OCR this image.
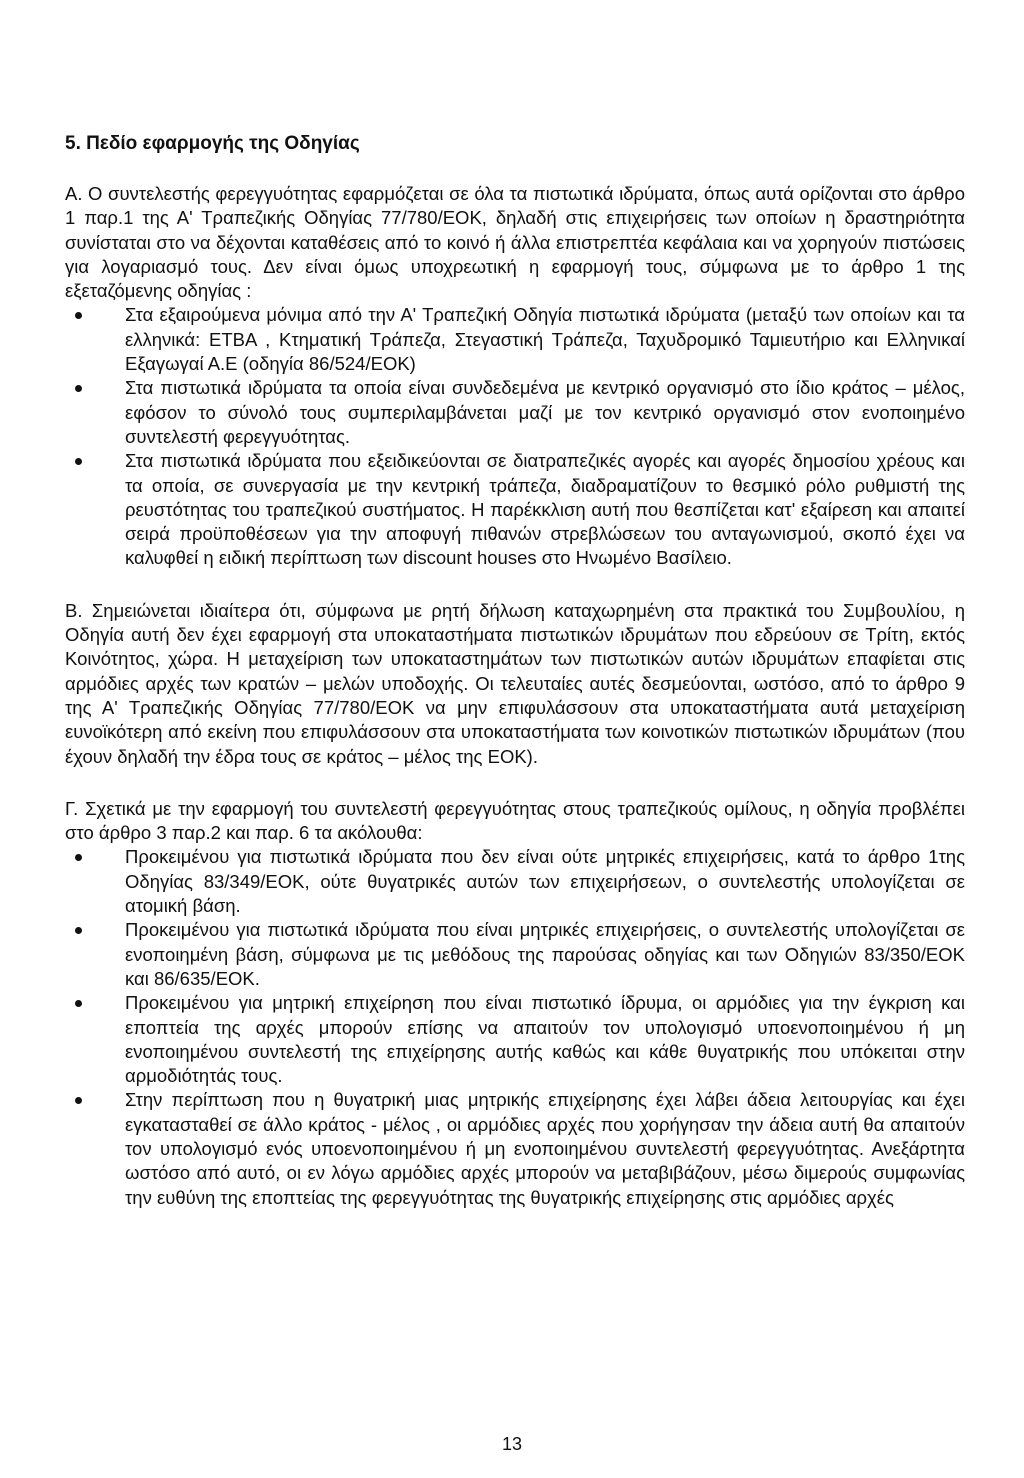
5. Πεδίο εφαρμογής της Οδηγίας

Α. Ο συντελεστής φερεγγυότητας εφαρμόζεται σε όλα τα πιστωτικά ιδρύματα, όπως αυτά ορίζονται στο άρθρο 1 παρ.1 της Α' Τραπεζικής Οδηγίας 77/780/ΕΟΚ, δηλαδή στις επιχειρήσεις των οποίων η δραστηριότητα συνίσταται στο να δέχονται καταθέσεις από το κοινό ή άλλα επιστρεπτέα κεφάλαια και να χορηγούν πιστώσεις για λογαριασμό τους. Δεν είναι όμως υποχρεωτική η εφαρμογή τους, σύμφωνα με το άρθρο 1 της εξεταζόμενης οδηγίας :

Στα εξαιρούμενα μόνιμα από την Α' Τραπεζική Οδηγία πιστωτικά ιδρύματα (μεταξύ των οποίων και τα ελληνικά: ΕΤΒΑ , Κτηματική Τράπεζα, Στεγαστική Τράπεζα, Ταχυδρομικό Ταμιευτήριο και Ελληνικαί Εξαγωγαί Α.Ε (οδηγία 86/524/ΕΟΚ)
Στα πιστωτικά ιδρύματα τα οποία είναι συνδεδεμένα με κεντρικό οργανισμό στο ίδιο κράτος – μέλος, εφόσον το σύνολό τους συμπεριλαμβάνεται μαζί με τον κεντρικό οργανισμό στον ενοποιημένο συντελεστή φερεγγυότητας.
Στα πιστωτικά ιδρύματα που εξειδικεύονται σε διατραπεζικές αγορές και αγορές δημοσίου χρέους και τα οποία, σε συνεργασία με την κεντρική τράπεζα, διαδραματίζουν το θεσμικό ρόλο ρυθμιστή της ρευστότητας του τραπεζικού συστήματος. Η παρέκκλιση αυτή που θεσπίζεται κατ' εξαίρεση και απαιτεί σειρά προϋποθέσεων για την αποφυγή πιθανών στρεβλώσεων του ανταγωνισμού, σκοπό έχει να καλυφθεί η ειδική περίπτωση των discount houses στο Ηνωμένο Βασίλειο.

Β. Σημειώνεται ιδιαίτερα ότι, σύμφωνα με ρητή δήλωση καταχωρημένη στα πρακτικά του Συμβουλίου, η Οδηγία αυτή δεν έχει εφαρμογή στα υποκαταστήματα πιστωτικών ιδρυμάτων που εδρεύουν σε Τρίτη, εκτός Κοινότητος, χώρα. Η μεταχείριση των υποκαταστημάτων των πιστωτικών αυτών ιδρυμάτων επαφίεται στις αρμόδιες αρχές των κρατών – μελών υποδοχής. Οι τελευταίες αυτές δεσμεύονται, ωστόσο, από το άρθρο 9 της Α' Τραπεζικής Οδηγίας 77/780/ΕΟΚ να μην επιφυλάσσουν στα υποκαταστήματα αυτά μεταχείριση ευνοϊκότερη από εκείνη που επιφυλάσσουν στα υποκαταστήματα των κοινοτικών πιστωτικών ιδρυμάτων (που έχουν δηλαδή την έδρα τους σε κράτος – μέλος της ΕΟΚ).

Γ. Σχετικά με την εφαρμογή του συντελεστή φερεγγυότητας στους τραπεζικούς ομίλους, η οδηγία προβλέπει στο άρθρο 3 παρ.2 και παρ. 6 τα ακόλουθα:

Προκειμένου για πιστωτικά ιδρύματα που δεν είναι ούτε μητρικές επιχειρήσεις, κατά το άρθρο 1της Οδηγίας 83/349/ΕΟΚ, ούτε θυγατρικές αυτών των επιχειρήσεων, ο συντελεστής υπολογίζεται σε ατομική βάση.
Προκειμένου για πιστωτικά ιδρύματα που είναι μητρικές επιχειρήσεις, ο συντελεστής υπολογίζεται σε ενοποιημένη βάση, σύμφωνα με τις μεθόδους της παρούσας οδηγίας και των Οδηγιών 83/350/ΕΟΚ και 86/635/ΕΟΚ.
Προκειμένου για μητρική επιχείρηση που είναι πιστωτικό ίδρυμα, οι αρμόδιες για την έγκριση και εποπτεία της αρχές μπορούν επίσης να απαιτούν τον υπολογισμό υποενοποιημένου ή μη ενοποιημένου συντελεστή της επιχείρησης αυτής καθώς και κάθε θυγατρικής που υπόκειται στην αρμοδιότητάς τους.
Στην περίπτωση που η θυγατρική μιας μητρικής επιχείρησης έχει λάβει άδεια λειτουργίας και έχει εγκατασταθεί σε άλλο κράτος - μέλος , οι αρμόδιες αρχές που χορήγησαν την άδεια αυτή θα απαιτούν τον υπολογισμό ενός υποενοποιημένου ή μη ενοποιημένου συντελεστή φερεγγυότητας. Ανεξάρτητα ωστόσο από αυτό, οι εν λόγω αρμόδιες αρχές μπορούν να μεταβιβάζουν, μέσω διμερούς συμφωνίας την ευθύνη της εποπτείας της φερεγγυότητας της θυγατρικής επιχείρησης στις αρμόδιες αρχές
13
